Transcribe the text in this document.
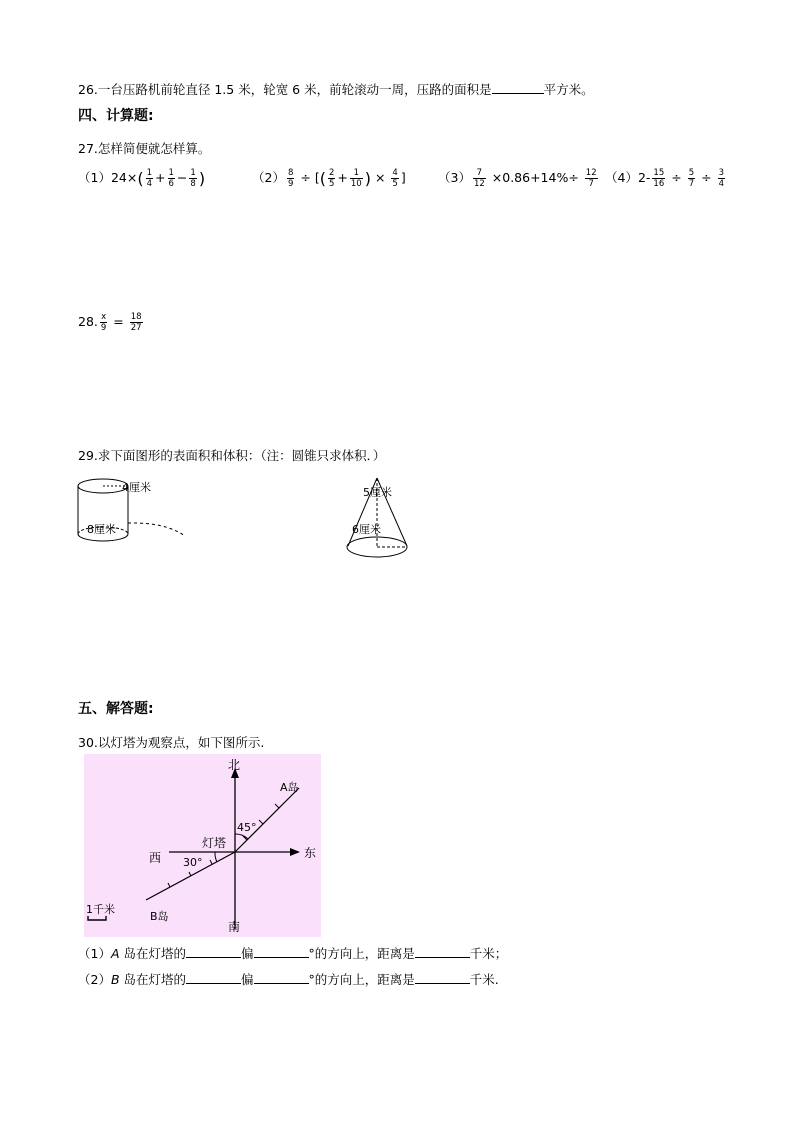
26.一台压路机前轮直径 1.5 米，轮宽 6 米，前轮滚动一周，压路的面积是	平方米。
四、计算题:
27.怎样简便就怎样算。
$(1)24\times( \frac{1}{4} + \frac{1}{6} - \frac{1}{8}$ )	$(2) \frac{8}{9}$ ÷ [( $\frac{2}{5} + \frac{1}{10}$ ) × $\frac{4}{5}$ ]	$(3) \frac{7}{12} \times 0.86+14\%\div \frac{12}{7} (4)2- \frac{15}{16} \div \frac{5}{7} \div \frac{3}{4}$
28. $\frac{x}{9} = \frac{18}{27}$
29.求下面图形的表面积和体积：（注：圆锥只求体积．）
4厘米
8厘米
5厘米
6厘米
五、解答题:
30.以灯塔为观察点，如下图所示.
北
南
东
西
灯塔
A岛
B岛
45°
30°
1千米
（1）A 岛在灯塔的	偏	°的方向上，距离是	千米；
（2）B 岛在灯塔的	偏	°的方向上，距离是	千米.
